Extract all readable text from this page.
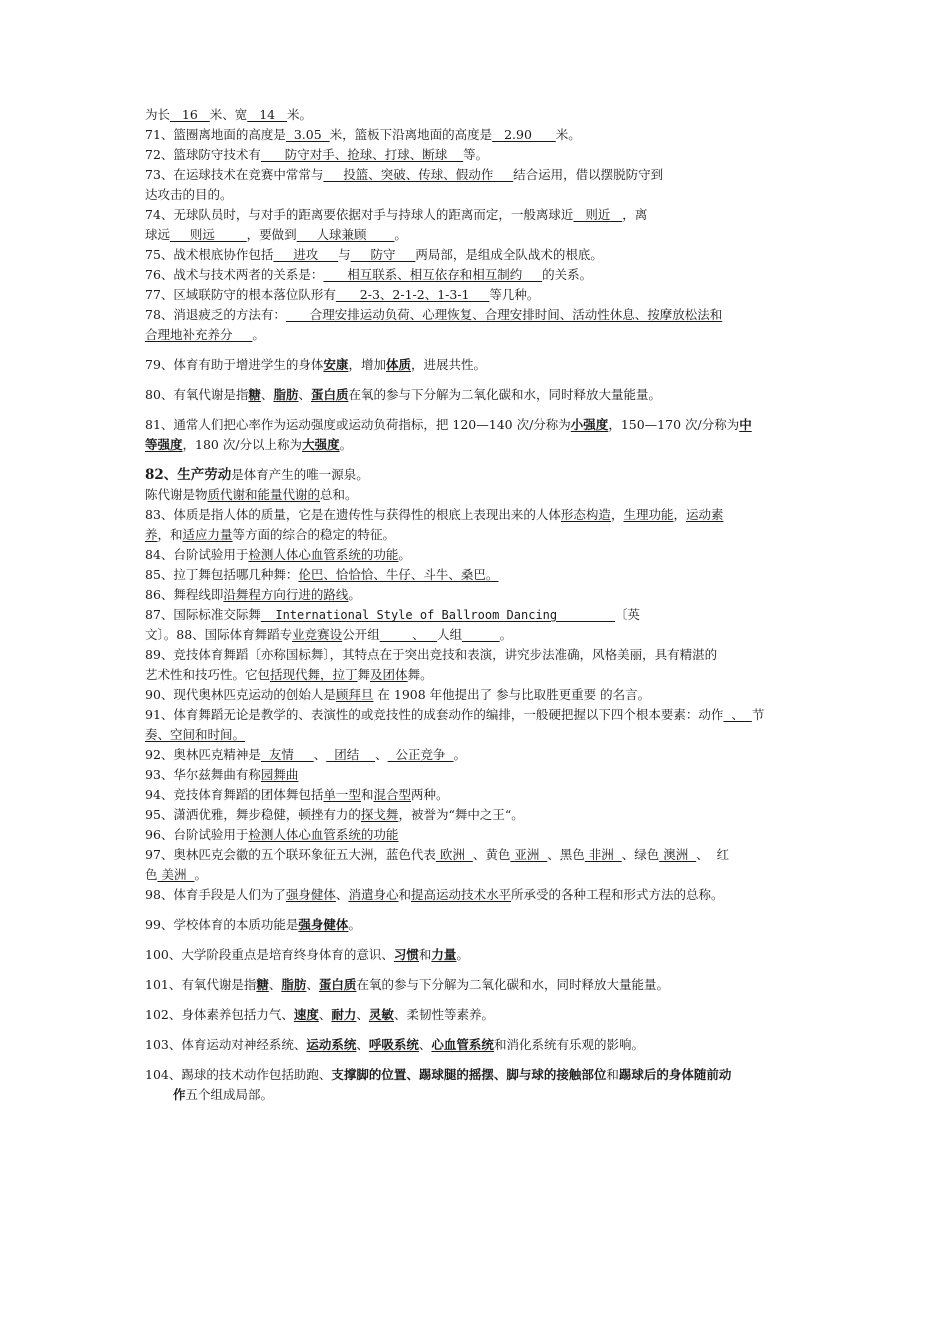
为长   16   米、宽   14   米。
71、篮圈离地面的高度是  3.05  米，篮板下沿离地面的高度是   2.90      米。
72、篮球防守技术有      防守对手、抢球、打球、断球    等。
73、在运球技术在竞赛中常常与     投篮、突破、传球、假动作     结合运用，借以摆脱防守到
达攻击的目的。
74、无球队员时，与对手的距离要依据对手与持球人的距离而定，一般离球近   则近   ，离
球远     则远        ，要做到     人球兼顾       。
75、战术根底协作包括     进攻     与     防守     两局部，是组成全队战术的根底。
76、战术与技术两者的关系是：      相互联系、相互依存和相互制约     的关系。
77、区域联防守的根本落位队形有      2-3、2-1-2、1-3-1     等几种。
78、消退疲乏的方法有：      合理安排运动负荷、心理恢复、合理安排时间、活动性休息、按摩放松法和
合理地补充养分     。
79、体育有助于增进学生的身体安康，增加体质，进展共性。
80、有氧代谢是指糖、脂肪、蛋白质在氧的参与下分解为二氧化碳和水，同时释放大量能量。
81、通常人们把心率作为运动强度或运动负荷指标，把 120—140 次/分称为小强度，150—170 次/分称为中
等强度，180 次/分以上称为大强度。
82、生产劳动是体育产生的唯一源泉。
陈代谢是物质代谢和能量代谢的总和。
83、体质是指人体的质量，它是在遗传性与获得性的根底上表现出来的人体形态构造，生理功能，运动素
养，和适应力量等方面的综合的稳定的特征。
84、台阶试验用于检测人体心血管系统的功能。
85、拉丁舞包括哪几种舞：伦巴、恰恰恰、牛仔、斗牛、桑巴。
86、舞程线即沿舞程方向行进的路线。
87、国际标准交际舞__International Style of Ballroom Dancing________〔英
文〕。88、国际体育舞蹈专业竞赛设公开组     __、__人组______。
89、竞技体育舞蹈〔亦称国标舞〕，其特点在于突出竞技和表演，讲究步法准确，风格美丽，具有精湛的
艺术性和技巧性。它包括现代舞，拉丁舞及团体舞。
90、现代奥林匹克运动的创始人是顾拜旦 在 1908 年他提出了 参与比取胜更重要 的名言。
91、体育舞蹈无论是教学的、表演性的或竞技性的成套动作的编排，一般硬把握以下四个根本要素：动作  、  节
奏、空间和时间。
92、奥林匹克精神是  友情     、  团结    、  公正竞争  。
93、华尔兹舞曲有称园舞曲
94、竞技体育舞蹈的团体舞包括单一型和混合型两种。
95、潇洒优雅，舞步稳健，顿挫有力的探戈舞，被誉为“舞中之王“。
96、台阶试验用于检测人体心血管系统的功能
97、奥林匹克会徽的五个联环象征五大洲，蓝色代表 欧洲  、黄色 亚洲  、黑色 非洲  、绿色 澳洲  、  红
色 美洲  。
98、体育手段是人们为了强身健体、消遣身心和提高运动技术水平所承受的各种工程和形式方法的总称。
99、学校体育的本质功能是强身健体。
100、大学阶段重点是培育终身体育的意识、习惯和力量。
101、有氧代谢是指糖、脂肪、蛋白质在氧的参与下分解为二氧化碳和水，同时释放大量能量。
102、身体素养包括力气、速度、耐力、灵敏、柔韧性等素养。
103、体育运动对神经系统、运动系统、呼吸系统、心血管系统和消化系统有乐观的影响。
104、踢球的技术动作包括助跑、支撑脚的位置、踢球腿的摇摆、脚与球的接触部位和踢球后的身体随前动
作五个组成局部。
